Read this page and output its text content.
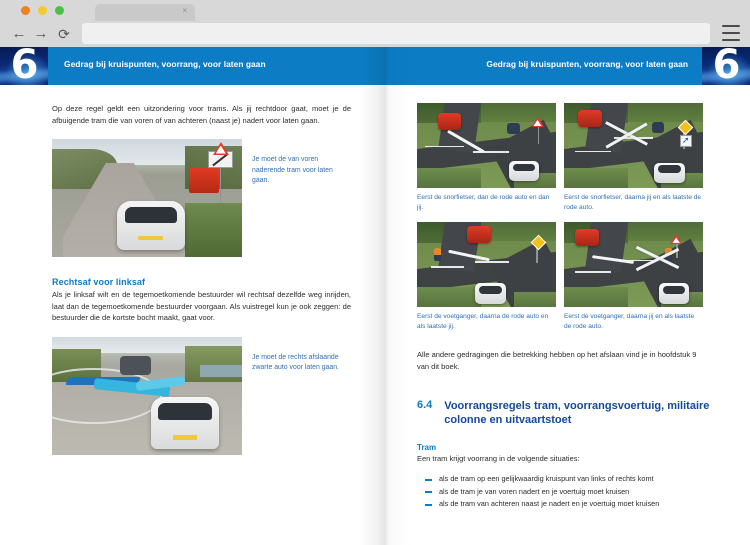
×
← → ⟳
6	Gedrag bij kruispunten, voorrang, voor laten gaan	6
Gedrag bij kruispunten, voorrang, voor laten gaan

Op deze regel geldt een uitzondering voor trams. Als jij rechtdoor gaat, moet je de afbuigende tram die van voren of van achteren (naast je) nadert voor laten gaan.

Je moet de van voren naderende tram voor laten gaan.

Rechtsaf voor linksaf

Als je linksaf wilt en de tegemoetkomende bestuurder wil rechtsaf dezelfde weg inrijden, laat dan de tegemoetkomende bestuurder voorgaan. Als vuistregel kun je ook zeggen: de bestuurder die de kortste bocht maakt, gaat voor.

Je moet de rechts afslaande zwarte auto voor laten gaan.

Eerst de snorfietser, dan de rode auto en dan jij.

➚

Eerst de snorfietser, daarna jij en als laatste de rode auto.

Eerst de voetganger, daarna de rode auto en als laatste jij.

Eerst de voetganger, daarna jij en als laatste de rode auto.

Alle andere gedragingen die betrekking hebben op het afslaan vind je in hoofdstuk 9 van dit boek.

6.4 Voorrangsregels tram, voorrangsvoertuig, militaire colonne en uitvaartstoet
Tram

Een tram krijgt voorrang in de volgende situaties:

als de tram op een gelijkwaardig kruispunt van links of rechts komt
als de tram je van voren nadert en je voertuig moet kruisen
als de tram van achteren naast je nadert en je voertuig moet kruisen
